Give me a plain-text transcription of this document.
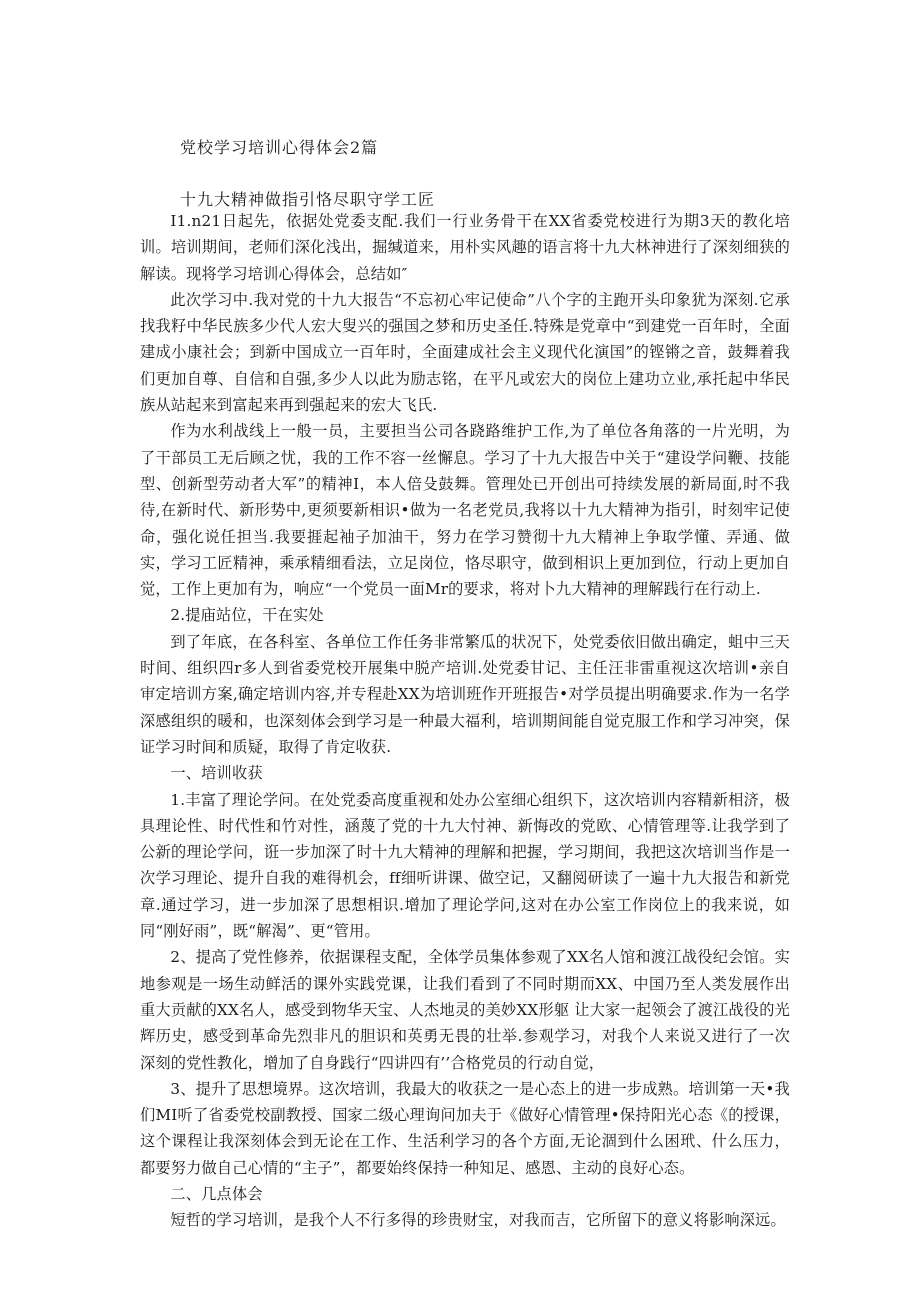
党校学习培训心得体会2篇
十九大精神做指引恪尽职守学工匠

I1.n21日起先，依据处党委支配.我们一行业务骨干在XX省委党校进行为期3天的教化培训。培训期间，老师们深化浅出，掘缄道来，用朴实风趣的语言将十九大林神进行了深刻细狭的解读。现将学习培训心得体会，总结如″

此次学习中.我对党的十九大报告“不忘初心牢记使命”八个字的主跑开头印象犹为深刻.它承找我籽中华民族多少代人宏大叟兴的强国之梦和历史圣任.特殊是党章中“到建党一百年时，全面建成小康社会；到新中国成立一百年时，全面建成社会主义现代化演国”的铿锵之音，鼓舞着我们更加自尊、自信和自强,多少人以此为励志铭，在平凡或宏大的岗位上建功立业,承托起中华民族从站起来到富起来再到强起来的宏大飞氏.

作为水利战线上一般一员，主要担当公司各跷路维护工作,为了单位各角落的一片光明，为了干部员工无后顾之忧，我的工作不容一丝懈息。学习了十九大报告中关于“建设学问鞭、技能型、创新型劳动者大军”的精神I，本人倍殳鼓舞。管理处已开创出可持续发展的新局面,时不我待,在新时代、新形势中,更须要新相识•做为一名老党员,我将以十九大精神为指引，时刻牢记使命，强化说任担当.我要捱起袖子加油干，努力在学习赞彻十九大精神上争取学懂、弄通、做实，学习工匠精神，乘承精细看法，立足岗位，恪尽职守，做到相识上更加到位，行动上更加自觉，工作上更加有为，响应“一个党员一面Mr的要求，将对卜九大精神的理解践行在行动上.

2.提庙站位，干在实处

到了年底，在各科室、各单位工作任务非常繁瓜的状况下，处党委依旧做出确定，蛆中三天时间、组织四r多人到省委党校开展集中脱产培训.处党委甘记、主任汪非雷重视这次培训•亲自审定培训方案,确定培训内容,并专程赴XX为培训班作开班报告•对学员提出明确要求.作为一名学深感组织的暖和，也深刻体会到学习是一种最大福利，培训期间能自觉克服工作和学习冲突，保证学习时间和质疑，取得了肯定收获.

一、培训收获

1.丰富了理论学问。在处党委高度重视和处办公室细心组织下，这次培训内容精新相济，极具理论性、时代性和竹对性，涵蔑了党的十九大忖神、新悔改的党欧、心情管理等.让我学到了公新的理论学问，诳一步加深了时十九大精神的理解和把握，学习期间，我把这次培训当作是一次学习理论、提升自我的难得机会，ff细听讲课、做空记，又翻阅研读了一遍十九大报告和新党章.通过学习，进一步加深了思想相识.增加了理论学问,这对在办公室工作岗位上的我来说，如同“刚好雨”，既“解渴”、更“管用。

2、提高了党性修养，依据课程支配，全体学员集体参观了XX名人馆和渡江战役纪会馆。实地参观是一场生动鲜活的课外实践党课，让我们看到了不同时期而XX、中国乃至人类发展作出重大贡献的XX名人，感受到物华天宝、人杰地灵的美妙XX形躯 让大家一起领会了渡江战役的光辉历史，感受到革命先烈非凡的胆识和英勇无畏的壮举.参观学习，对我个人来说又进行了一次深刻的党性教化，增加了自身践行“四讲四有’’合格党员的行动自觉，

3、提升了思想境界。这次培训，我最大的收获之一是心态上的进一步成熟。培训第一天•我们MI听了省委党校副教授、国家二级心理询问加夫于《做好心情管理•保持阳光心态《的授课，这个课程让我深刻体会到无论在工作、生活利学习的各个方面,无论涸到什么困玳、什么压力，都要努力做自己心情的“主子”，都要始终保持一种知足、感恩、主动的良好心态。

二、几点体会

短哲的学习培训，是我个人不行多得的珍贵财宝，对我而吉，它所留下的意义将影响深远。
